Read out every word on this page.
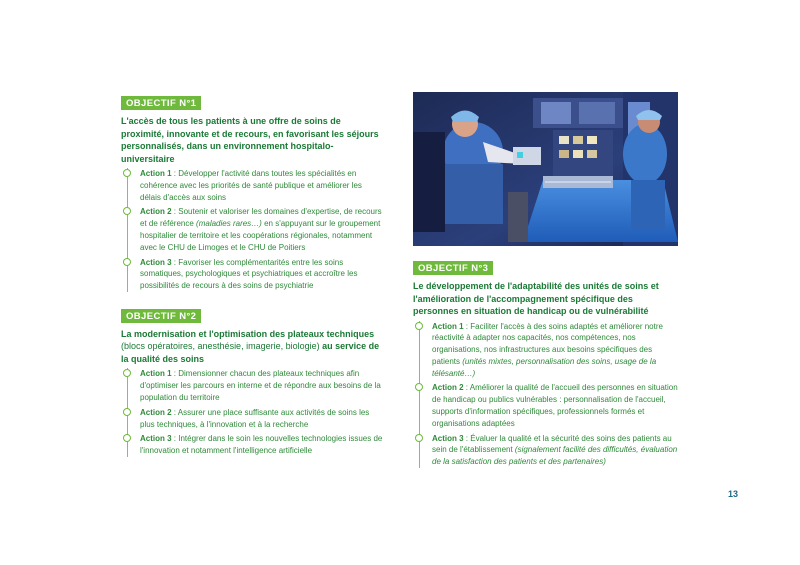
OBJECTIF N°1
L'accès de tous les patients à une offre de soins de proximité, innovante et de recours, en favorisant les séjours personnalisés, dans un environnement hospitalo-universitaire
Action 1 : Développer l'activité dans toutes les spécialités en cohérence avec les priorités de santé publique et améliorer les délais d'accès aux soins
Action 2 : Soutenir et valoriser les domaines d'expertise, de recours et de référence (maladies rares…) en s'appuyant sur le groupement hospitalier de territoire et les coopérations régionales, notamment avec le CHU de Limoges et le CHU de Poitiers
Action 3 : Favoriser les complémentarités entre les soins somatiques, psychologiques et psychiatriques et accroître les possibilités de recours à des soins de psychiatrie
OBJECTIF N°2
La modernisation et l'optimisation des plateaux techniques (blocs opératoires, anesthésie, imagerie, biologie) au service de la qualité des soins
Action 1 : Dimensionner chacun des plateaux techniques afin d'optimiser les parcours en interne et de répondre aux besoins de la population du territoire
Action 2 : Assurer une place suffisante aux activités de soins les plus techniques, à l'innovation et à la recherche
Action 3 : Intégrer dans le soin les nouvelles technologies issues de l'innovation et notamment l'intelligence artificielle
OBJECTIF N°3
Le développement de l'adaptabilité des unités de soins et l'amélioration de l'accompagnement spécifique des personnes en situation de handicap ou de vulnérabilité
Action 1 : Faciliter l'accès à des soins adaptés et améliorer notre réactivité à adapter nos capacités, nos compétences, nos organisations, nos infrastructures aux besoins spécifiques des patients (unités mixtes, personnalisation des soins, usage de la télésanté…)
Action 2 : Améliorer la qualité de l'accueil des personnes en situation de handicap ou publics vulnérables : personnalisation de l'accueil, supports d'information spécifiques, professionnels formés et organisations adaptées
Action 3 : Évaluer la qualité et la sécurité des soins des patients au sein de l'établissement (signalement facilité des difficultés, évaluation de la satisfaction des patients et des partenaires)
13
